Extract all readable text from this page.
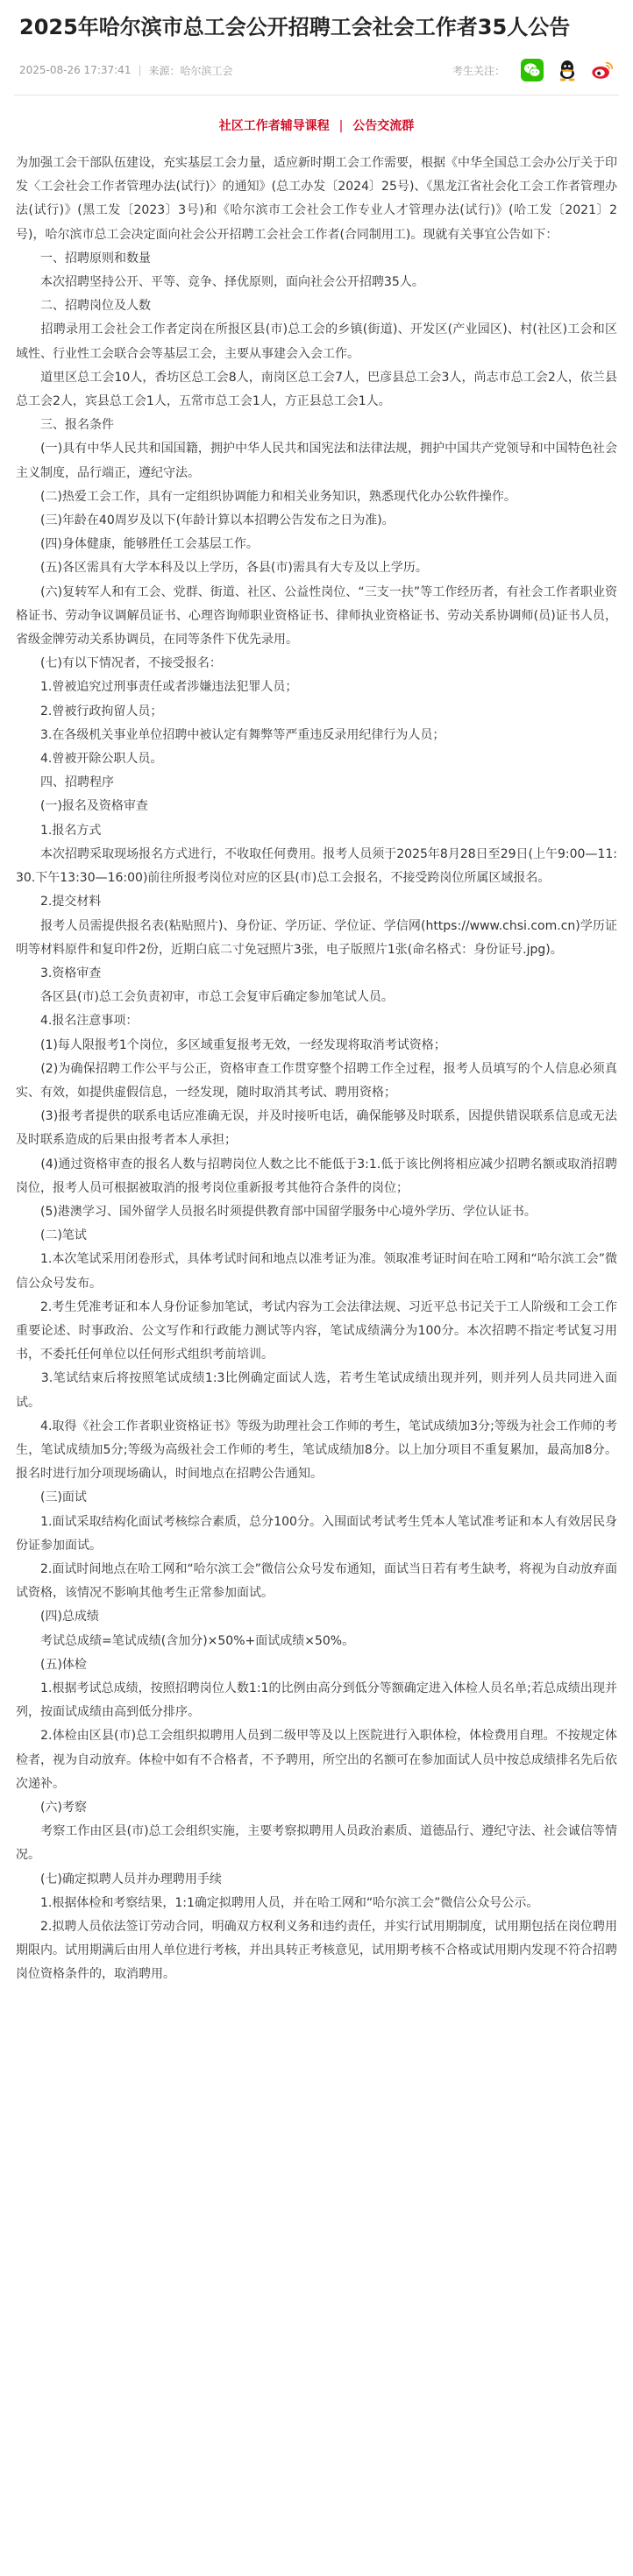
2025年哈尔滨市总工会公开招聘工会社会工作者35人公告
2025-08-26 17:37:41 | 来源：哈尔滨工会	考生关注：
社区工作者辅导课程 | 公告交流群

为加强工会干部队伍建设，充实基层工会力量，适应新时期工会工作需要，根据《中华全国总工会办公厅关于印发〈工会社会工作者管理办法(试行)〉的通知》(总工办发〔2024〕25号)、《黑龙江省社会化工会工作者管理办法(试行)》(黑工发〔2023〕3号)和《哈尔滨市工会社会工作专业人才管理办法(试行)》(哈工发〔2021〕2号)，哈尔滨市总工会决定面向社会公开招聘工会社会工作者(合同制用工)。现就有关事宜公告如下：

　　一、招聘原则和数量

　　本次招聘坚持公开、平等、竞争、择优原则，面向社会公开招聘35人。

　　二、招聘岗位及人数

　　招聘录用工会社会工作者定岗在所报区县(市)总工会的乡镇(街道)、开发区(产业园区)、村(社区)工会和区域性、行业性工会联合会等基层工会，主要从事建会入会工作。

　　道里区总工会10人，香坊区总工会8人，南岗区总工会7人，巴彦县总工会3人，尚志市总工会2人，依兰县总工会2人，宾县总工会1人，五常市总工会1人，方正县总工会1人。

　　三、报名条件

　　(一)具有中华人民共和国国籍，拥护中华人民共和国宪法和法律法规，拥护中国共产党领导和中国特色社会主义制度，品行端正，遵纪守法。

　　(二)热爱工会工作，具有一定组织协调能力和相关业务知识，熟悉现代化办公软件操作。

　　(三)年龄在40周岁及以下(年龄计算以本招聘公告发布之日为准)。

　　(四)身体健康，能够胜任工会基层工作。

　　(五)各区需具有大学本科及以上学历，各县(市)需具有大专及以上学历。

　　(六)复转军人和有工会、党群、街道、社区、公益性岗位、“三支一扶”等工作经历者，有社会工作者职业资格证书、劳动争议调解员证书、心理咨询师职业资格证书、律师执业资格证书、劳动关系协调师(员)证书人员，省级金牌劳动关系协调员，在同等条件下优先录用。

　　(七)有以下情况者，不接受报名：

　　1.曾被追究过刑事责任或者涉嫌违法犯罪人员；

　　2.曾被行政拘留人员；

　　3.在各级机关事业单位招聘中被认定有舞弊等严重违反录用纪律行为人员；

　　4.曾被开除公职人员。

　　四、招聘程序

　　(一)报名及资格审查

　　1.报名方式

　　本次招聘采取现场报名方式进行，不收取任何费用。报考人员须于2025年8月28日至29日(上午9:00—11:30.下午13:30—16:00)前往所报考岗位对应的区县(市)总工会报名，不接受跨岗位所属区域报名。

　　2.提交材料

　　报考人员需提供报名表(粘贴照片)、身份证、学历证、学位证、学信网(https://www.chsi.com.cn)学历证明等材料原件和复印件2份，近期白底二寸免冠照片3张，电子版照片1张(命名格式：身份证号.jpg)。

　　3.资格审查

　　各区县(市)总工会负责初审，市总工会复审后确定参加笔试人员。

　　4.报名注意事项：

　　(1)每人限报考1个岗位，多区域重复报考无效，一经发现将取消考试资格；

　　(2)为确保招聘工作公平与公正，资格审查工作贯穿整个招聘工作全过程，报考人员填写的个人信息必须真实、有效，如提供虚假信息，一经发现，随时取消其考试、聘用资格；

　　(3)报考者提供的联系电话应准确无误，并及时接听电话，确保能够及时联系，因提供错误联系信息或无法及时联系造成的后果由报考者本人承担；

　　(4)通过资格审查的报名人数与招聘岗位人数之比不能低于3:1.低于该比例将相应减少招聘名额或取消招聘岗位，报考人员可根据被取消的报考岗位重新报考其他符合条件的岗位；

　　(5)港澳学习、国外留学人员报名时须提供教育部中国留学服务中心境外学历、学位认证书。

　　(二)笔试

　　1.本次笔试采用闭卷形式，具体考试时间和地点以准考证为准。领取准考证时间在哈工网和“哈尔滨工会”微信公众号发布。

　　2.考生凭准考证和本人身份证参加笔试，考试内容为工会法律法规、习近平总书记关于工人阶级和工会工作重要论述、时事政治、公文写作和行政能力测试等内容，笔试成绩满分为100分。本次招聘不指定考试复习用书，不委托任何单位以任何形式组织考前培训。

　　3.笔试结束后将按照笔试成绩1:3比例确定面试人选，若考生笔试成绩出现并列，则并列人员共同进入面试。

　　4.取得《社会工作者职业资格证书》等级为助理社会工作师的考生，笔试成绩加3分;等级为社会工作师的考生，笔试成绩加5分;等级为高级社会工作师的考生，笔试成绩加8分。以上加分项目不重复累加，最高加8分。报名时进行加分项现场确认，时间地点在招聘公告通知。

　　(三)面试

　　1.面试采取结构化面试考核综合素质，总分100分。入围面试考试考生凭本人笔试准考证和本人有效居民身份证参加面试。

　　2.面试时间地点在哈工网和“哈尔滨工会”微信公众号发布通知，面试当日若有考生缺考，将视为自动放弃面试资格，该情况不影响其他考生正常参加面试。

　　(四)总成绩

　　考试总成绩=笔试成绩(含加分)×50%+面试成绩×50%。

　　(五)体检

　　1.根据考试总成绩，按照招聘岗位人数1:1的比例由高分到低分等额确定进入体检人员名单;若总成绩出现并列，按面试成绩由高到低分排序。

　　2.体检由区县(市)总工会组织拟聘用人员到二级甲等及以上医院进行入职体检，体检费用自理。不按规定体检者，视为自动放弃。体检中如有不合格者，不予聘用，所空出的名额可在参加面试人员中按总成绩排名先后依次递补。

　　(六)考察

　　考察工作由区县(市)总工会组织实施，主要考察拟聘用人员政治素质、道德品行、遵纪守法、社会诚信等情况。

　　(七)确定拟聘人员并办理聘用手续

　　1.根据体检和考察结果，1:1确定拟聘用人员，并在哈工网和“哈尔滨工会”微信公众号公示。

　　2.拟聘人员依法签订劳动合同，明确双方权利义务和违约责任，并实行试用期制度，试用期包括在岗位聘用期限内。试用期满后由用人单位进行考核，并出具转正考核意见，试用期考核不合格或试用期内发现不符合招聘岗位资格条件的，取消聘用。
